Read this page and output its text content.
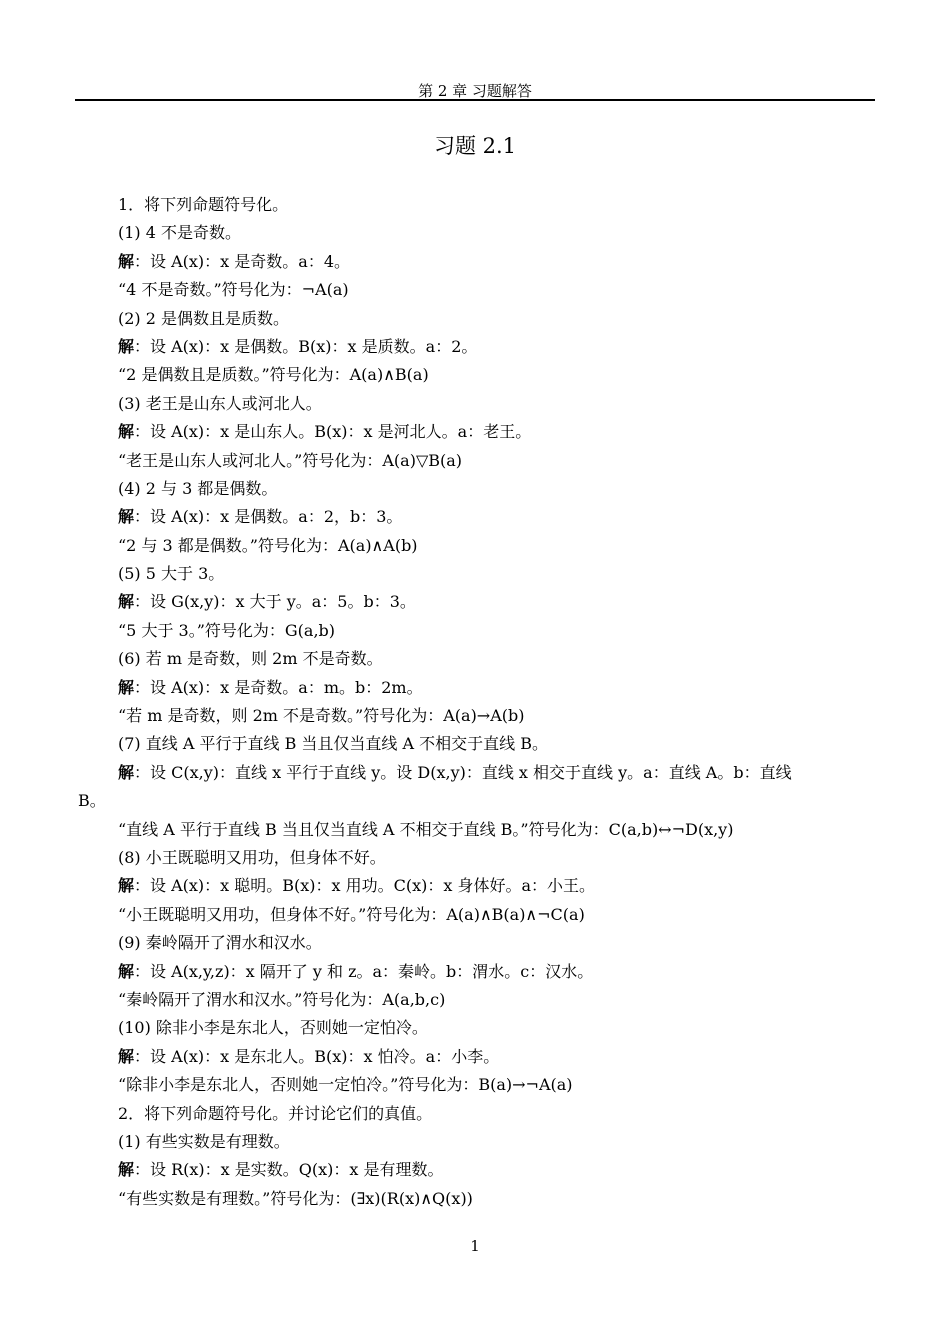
第 2 章 习题解答
习题 2.1
1．将下列命题符号化。
(1) 4 不是奇数。
解：设 A(x)：x 是奇数。a：4。
“4 不是奇数。”符号化为：¬A(a)
(2) 2 是偶数且是质数。
解：设 A(x)：x 是偶数。B(x)：x 是质数。a：2。
“2 是偶数且是质数。”符号化为：A(a)∧B(a)
(3) 老王是山东人或河北人。
解：设 A(x)：x 是山东人。B(x)：x 是河北人。a：老王。
“老王是山东人或河北人。”符号化为：A(a)▽B(a)
(4) 2 与 3 都是偶数。
解：设 A(x)：x 是偶数。a：2，b：3。
“2 与 3 都是偶数。”符号化为：A(a)∧A(b)
(5) 5 大于 3。
解：设 G(x,y)：x 大于 y。a：5。b：3。
“5 大于 3。”符号化为：G(a,b)
(6) 若 m 是奇数，则 2m 不是奇数。
解：设 A(x)：x 是奇数。a：m。b：2m。
“若 m 是奇数，则 2m 不是奇数。”符号化为：A(a)→A(b)
(7) 直线 A 平行于直线 B 当且仅当直线 A 不相交于直线 B。
解：设 C(x,y)：直线 x 平行于直线 y。设 D(x,y)：直线 x 相交于直线 y。a：直线 A。b：直线
B。
“直线 A 平行于直线 B 当且仅当直线 A 不相交于直线 B。”符号化为：C(a,b)↔¬D(x,y)
(8) 小王既聪明又用功，但身体不好。
解：设 A(x)：x 聪明。B(x)：x 用功。C(x)：x 身体好。a：小王。
“小王既聪明又用功，但身体不好。”符号化为：A(a)∧B(a)∧¬C(a)
(9) 秦岭隔开了渭水和汉水。
解：设 A(x,y,z)：x 隔开了 y 和 z。a：秦岭。b：渭水。c：汉水。
“秦岭隔开了渭水和汉水。”符号化为：A(a,b,c)
(10) 除非小李是东北人，否则她一定怕冷。
解：设 A(x)：x 是东北人。B(x)：x 怕冷。a：小李。
“除非小李是东北人，否则她一定怕冷。”符号化为：B(a)→¬A(a)
2．将下列命题符号化。并讨论它们的真值。
(1) 有些实数是有理数。
解：设 R(x)：x 是实数。Q(x)：x 是有理数。
“有些实数是有理数。”符号化为：(∃x)(R(x)∧Q(x))
1
